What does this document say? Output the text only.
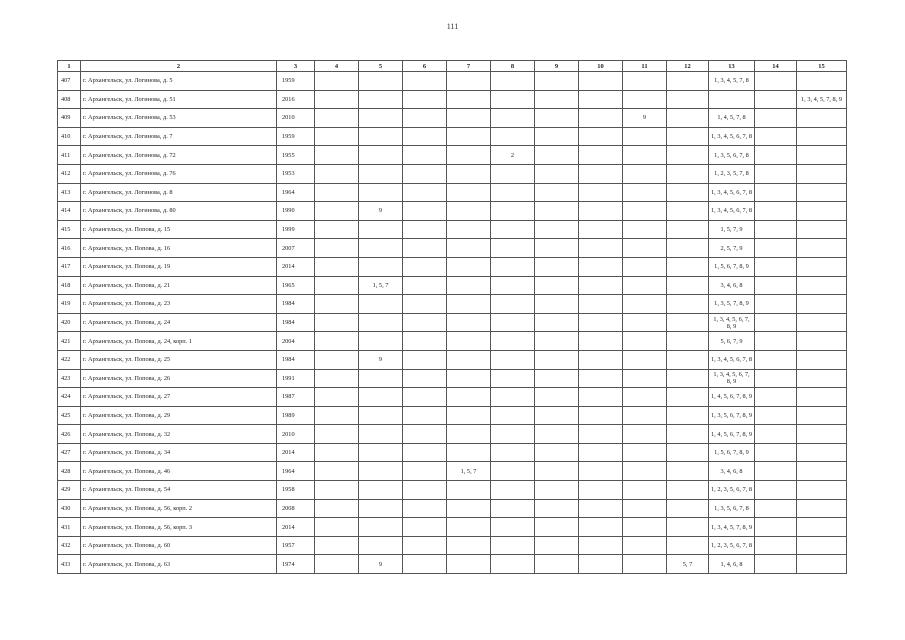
111
1	2	3	4	5	6	7	8	9	10	11	12	13	14	15
407	г. Архангельск, ул. Логинова, д. 5	1959										1, 3, 4, 5, 7, 8		
408	г. Архангельск, ул. Логинова, д. 51	2016												1, 3, 4, 5, 7, 8, 9
409	г. Архангельск, ул. Логинова, д. 53	2010								9		1, 4, 5, 7, 8		
410	г. Архангельск, ул. Логинова, д. 7	1959										1, 3, 4, 5, 6, 7, 8		
411	г. Архангельск, ул. Логинова, д. 72	1955					2					1, 3, 5, 6, 7, 8		
412	г. Архангельск, ул. Логинова, д. 76	1953										1, 2, 3, 5, 7, 8		
413	г. Архангельск, ул. Логинова, д. 8	1964										1, 3, 4, 5, 6, 7, 8		
414	г. Архангельск, ул. Логинова, д. 80	1990		9								1, 3, 4, 5, 6, 7, 8		
415	г. Архангельск, ул. Попова, д. 15	1999										1, 5, 7, 9		
416	г. Архангельск, ул. Попова, д. 16	2007										2, 5, 7, 9		
417	г. Архангельск, ул. Попова, д. 19	2014										1, 5, 6, 7, 8, 9		
418	г. Архангельск, ул. Попова, д. 21	1965		1, 5, 7								3, 4, 6, 8		
419	г. Архангельск, ул. Попова, д. 23	1984										1, 3, 5, 7, 8, 9		
420	г. Архангельск, ул. Попова, д. 24	1984										1, 3, 4, 5, 6, 7, 8, 9		
421	г. Архангельск, ул. Попова, д. 24, корп. 1	2004										5, 6, 7, 9		
422	г. Архангельск, ул. Попова, д. 25	1984		9								1, 3, 4, 5, 6, 7, 8		
423	г. Архангельск, ул. Попова, д. 26	1991										1, 3, 4, 5, 6, 7, 8, 9		
424	г. Архангельск, ул. Попова, д. 27	1987										1, 4, 5, 6, 7, 8, 9		
425	г. Архангельск, ул. Попова, д. 29	1989										1, 3, 5, 6, 7, 8, 9		
426	г. Архангельск, ул. Попова, д. 32	2010										1, 4, 5, 6, 7, 8, 9		
427	г. Архангельск, ул. Попова, д. 34	2014										1, 5, 6, 7, 8, 9		
428	г. Архангельск, ул. Попова, д. 46	1964				1, 5, 7						3, 4, 6, 8		
429	г. Архангельск, ул. Попова, д. 54	1958										1, 2, 3, 5, 6, 7, 8		
430	г. Архангельск, ул. Попова, д. 56, корп. 2	2008										1, 3, 5, 6, 7, 8		
431	г. Архангельск, ул. Попова, д. 56, корп. 3	2014										1, 3, 4, 5, 7, 8, 9		
432	г. Архангельск, ул. Попова, д. 60	1957										1, 2, 3, 5, 6, 7, 8		
433	г. Архангельск, ул. Попова, д. 63	1974		9							5, 7	1, 4, 6, 8		
